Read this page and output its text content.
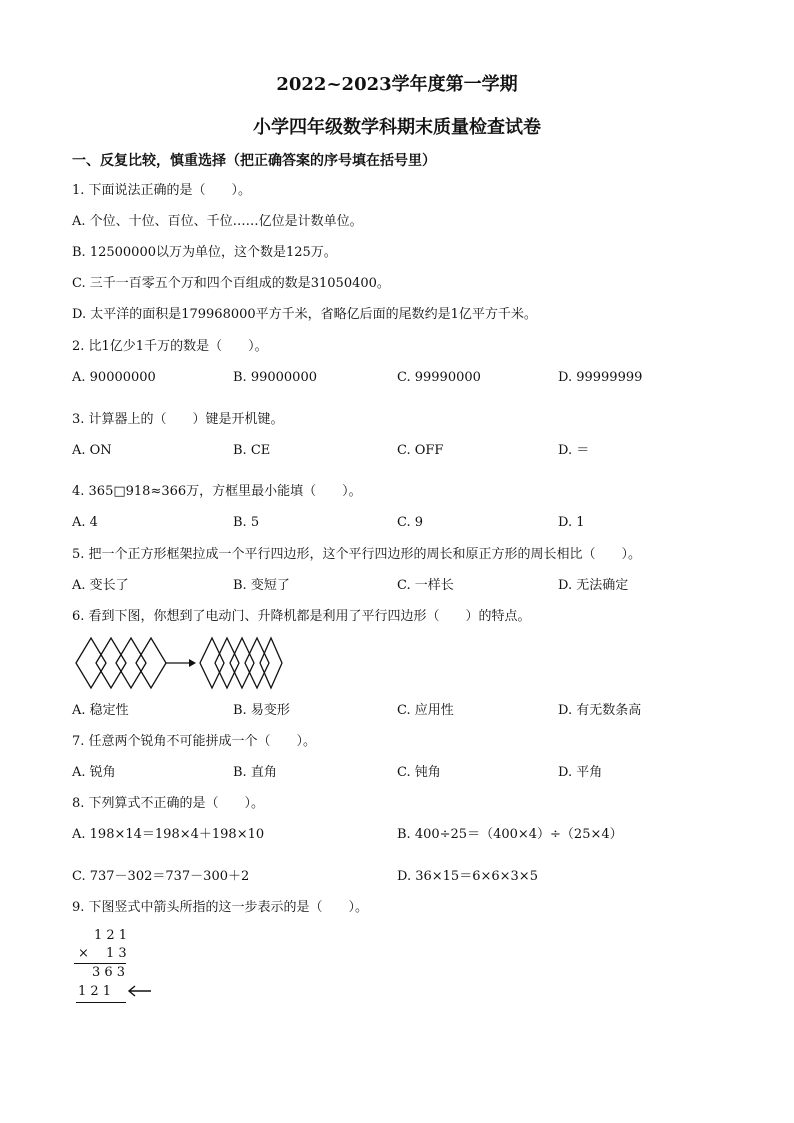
2022~2023学年度第一学期
小学四年级数学科期末质量检查试卷
一、反复比较，慎重选择（把正确答案的序号填在括号里）
1. 下面说法正确的是（　　）。
A. 个位、十位、百位、千位……亿位是计数单位。
B. 12500000以万为单位，这个数是125万。
C. 三千一百零五个万和四个百组成的数是31050400。
D. 太平洋的面积是179968000平方千米，省略亿后面的尾数约是1亿平方千米。
2. 比1亿少1千万的数是（　　）。
A. 90000000	B. 99000000	C. 99990000	D. 99999999
3. 计算器上的（　　）键是开机键。
A. ON	B. CE	C. OFF	D. ＝
4. 365□918≈366万，方框里最小能填（　　）。
A. 4	B. 5	C. 9	D. 1
5. 把一个正方形框架拉成一个平行四边形，这个平行四边形的周长和原正方形的周长相比（　　）。
A. 变长了	B. 变短了	C. 一样长	D. 无法确定
6. 看到下图，你想到了电动门、升降机都是利用了平行四边形（　　）的特点。
A. 稳定性	B. 易变形	C. 应用性	D. 有无数条高
7. 任意两个锐角不可能拼成一个（　　）。
A. 锐角	B. 直角	C. 钝角	D. 平角
8. 下列算式不正确的是（　　）。
A. 198×14＝198×4＋198×10	B. 400÷25＝（400×4）÷（25×4）
C. 737－302＝737－300＋2	D. 36×15＝6×6×3×5
9. 下图竖式中箭头所指的这一步表示的是（　　）。
1 2 1
× 1 3
3 6 3
1 2 1
